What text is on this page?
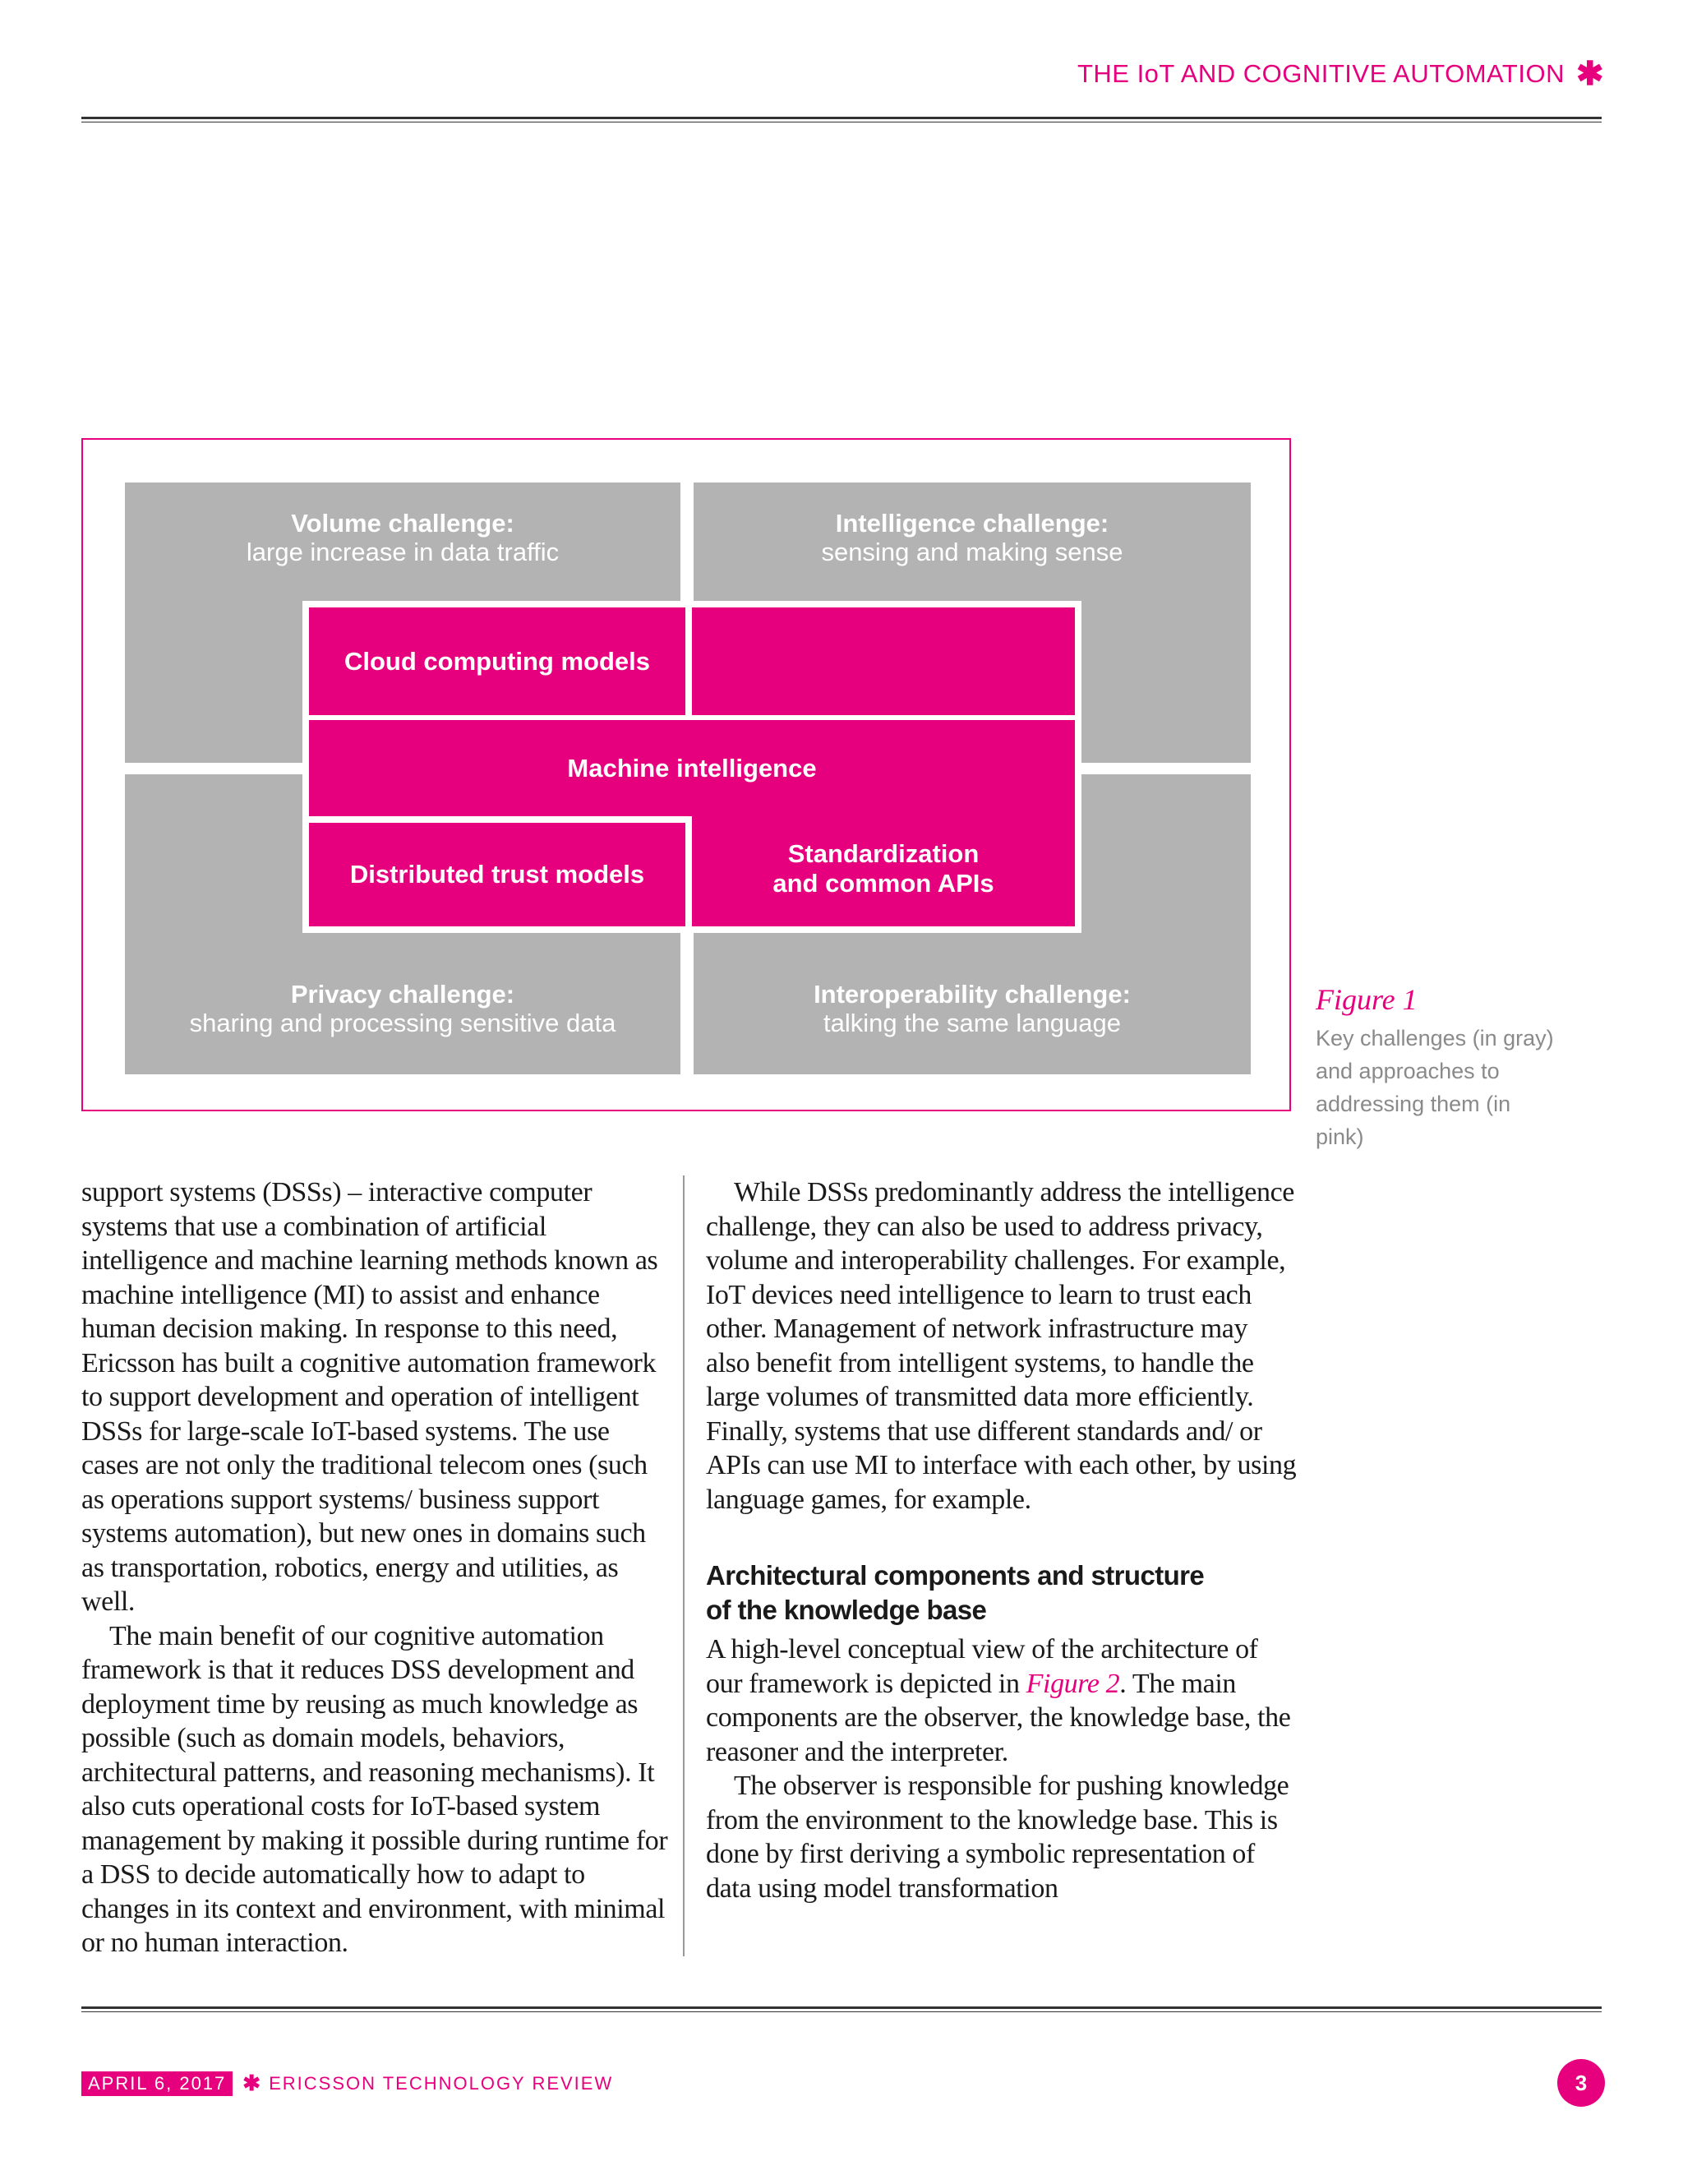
THE IoT AND COGNITIVE AUTOMATION ✱
Volume challenge:
large increase in data traffic
Intelligence challenge:
sensing and making sense
Privacy challenge:
sharing and processing sensitive data
Interoperability challenge:
talking the same language
Cloud computing models
Machine intelligence
Distributed trust models
Standardization
and common APIs
Figure 1
Key challenges (in gray) and approaches to addressing them (in pink)

support systems (DSSs) – interactive computer systems that use a combination of artificial intelligence and machine learning methods known as machine intelligence (MI) to assist and enhance human decision making. In response to this need, Ericsson has built a cognitive automation framework to support development and operation of intelligent DSSs for large-scale IoT-based systems. The use cases are not only the traditional telecom ones (such as operations support systems/ business support systems automation), but new ones in domains such as transportation, robotics, energy and utilities, as well.

The main benefit of our cognitive automation framework is that it reduces DSS development and deployment time by reusing as much knowledge as possible (such as domain models, behaviors, architectural patterns, and reasoning mechanisms). It also cuts operational costs for IoT-based system management by making it possible during runtime for a DSS to decide automatically how to adapt to changes in its context and environment, with minimal or no human interaction.

While DSSs predominantly address the intelligence challenge, they can also be used to address privacy, volume and interoperability challenges. For example, IoT devices need intelligence to learn to trust each other. Management of network infrastructure may also benefit from intelligent systems, to handle the large volumes of transmitted data more efficiently. Finally, systems that use different standards and/ or APIs can use MI to interface with each other, by using language games, for example.

Architectural components and structure
of the knowledge base

A high-level conceptual view of the architecture of our framework is depicted in Figure 2. The main components are the observer, the knowledge base, the reasoner and the interpreter.

The observer is responsible for pushing knowledge from the environment to the knowledge base. This is done by first deriving a symbolic representation of data using model transformation

APRIL 6, 2017 ✱ ERICSSON TECHNOLOGY REVIEW	3
